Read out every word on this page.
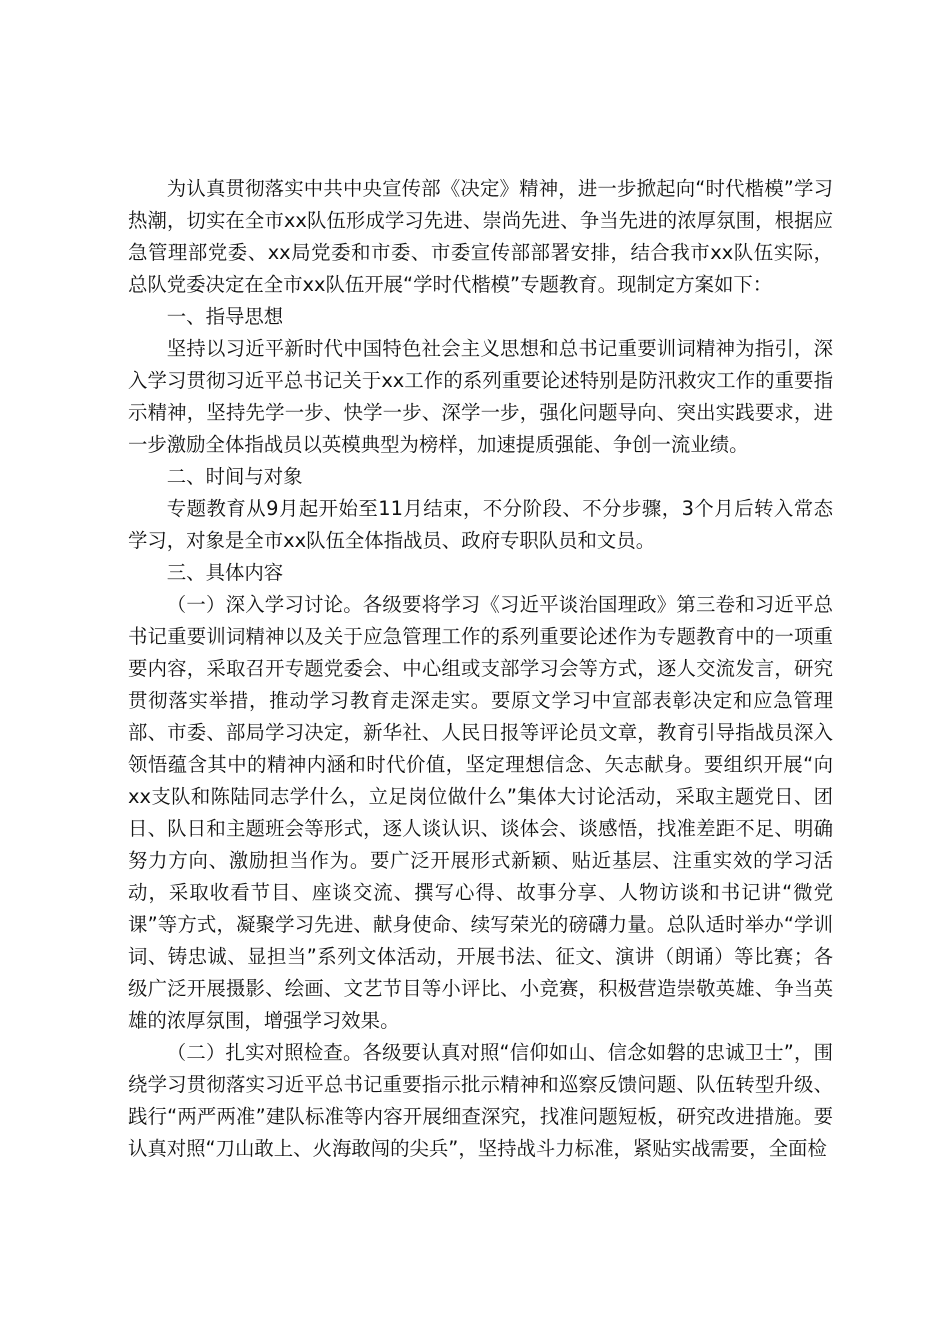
为认真贯彻落实中共中央宣传部《决定》精神，进一步掀起向“时代楷模”学习热潮，切实在全市xx队伍形成学习先进、崇尚先进、争当先进的浓厚氛围，根据应急管理部党委、xx局党委和市委、市委宣传部部署安排，结合我市xx队伍实际，总队党委决定在全市xx队伍开展“学时代楷模”专题教育。现制定方案如下：

一、指导思想

坚持以习近平新时代中国特色社会主义思想和总书记重要训词精神为指引，深入学习贯彻习近平总书记关于xx工作的系列重要论述特别是防汛救灾工作的重要指示精神，坚持先学一步、快学一步、深学一步，强化问题导向、突出实践要求，进一步激励全体指战员以英模典型为榜样，加速提质强能、争创一流业绩。

二、时间与对象

专题教育从9月起开始至11月结束，不分阶段、不分步骤，3个月后转入常态学习，对象是全市xx队伍全体指战员、政府专职队员和文员。

三、具体内容

（一）深入学习讨论。各级要将学习《习近平谈治国理政》第三卷和习近平总书记重要训词精神以及关于应急管理工作的系列重要论述作为专题教育中的一项重要内容，采取召开专题党委会、中心组或支部学习会等方式，逐人交流发言，研究贯彻落实举措，推动学习教育走深走实。要原文学习中宣部表彰决定和应急管理部、市委、部局学习决定，新华社、人民日报等评论员文章，教育引导指战员深入领悟蕴含其中的精神内涵和时代价值，坚定理想信念、矢志献身。要组织开展“向xx支队和陈陆同志学什么，立足岗位做什么”集体大讨论活动，采取主题党日、团日、队日和主题班会等形式，逐人谈认识、谈体会、谈感悟，找准差距不足、明确努力方向、激励担当作为。要广泛开展形式新颖、贴近基层、注重实效的学习活动，采取收看节目、座谈交流、撰写心得、故事分享、人物访谈和书记讲“微党课”等方式，凝聚学习先进、献身使命、续写荣光的磅礴力量。总队适时举办“学训词、铸忠诚、显担当”系列文体活动，开展书法、征文、演讲（朗诵）等比赛；各级广泛开展摄影、绘画、文艺节目等小评比、小竞赛，积极营造崇敬英雄、争当英雄的浓厚氛围，增强学习效果。

（二）扎实对照检查。各级要认真对照“信仰如山、信念如磐的忠诚卫士”，围绕学习贯彻落实习近平总书记重要指示批示精神和巡察反馈问题、队伍转型升级、践行“两严两准”建队标准等内容开展细查深究，找准问题短板，研究改进措施。要认真对照“刀山敢上、火海敢闯的尖兵”，坚持战斗力标准，紧贴实战需要，全面检
